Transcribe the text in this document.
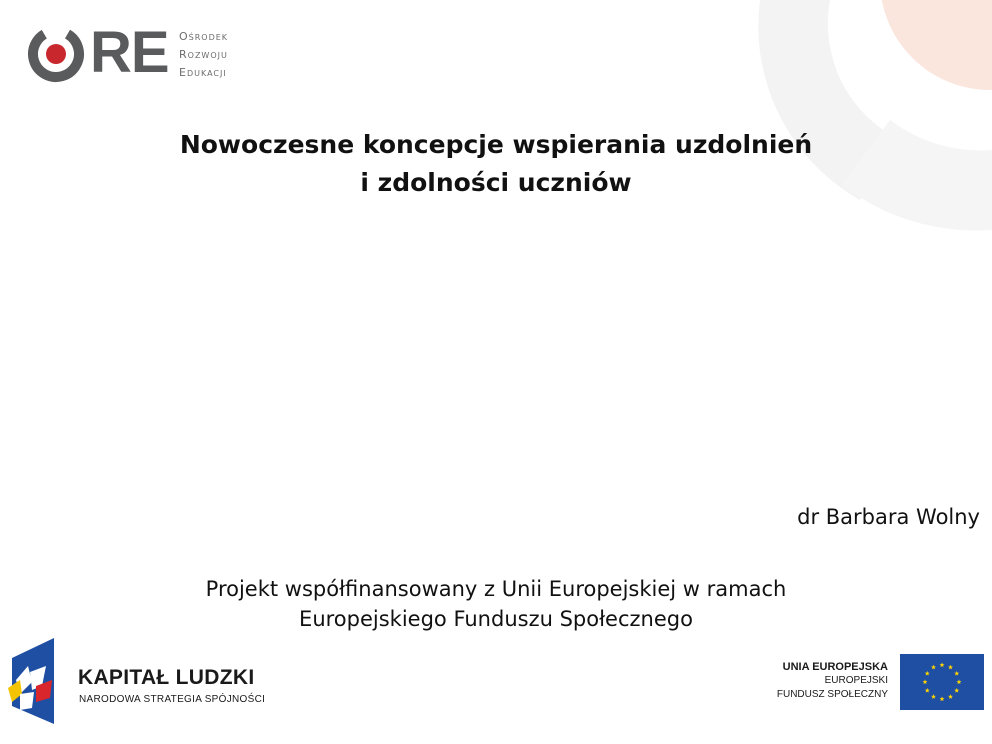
RE Ośrodek
Rozwoju
Edukacji
Nowoczesne koncepcje wspierania uzdolnień
i zdolności uczniów
dr Barbara Wolny
Projekt współfinansowany z Unii Europejskiej w ramach
Europejskiego Funduszu Społecznego
KAPITAŁ LUDZKI
NARODOWA STRATEGIA SPÓJNOŚCI
UNIA EUROPEJSKA
EUROPEJSKI
FUNDUSZ SPOŁECZNY
